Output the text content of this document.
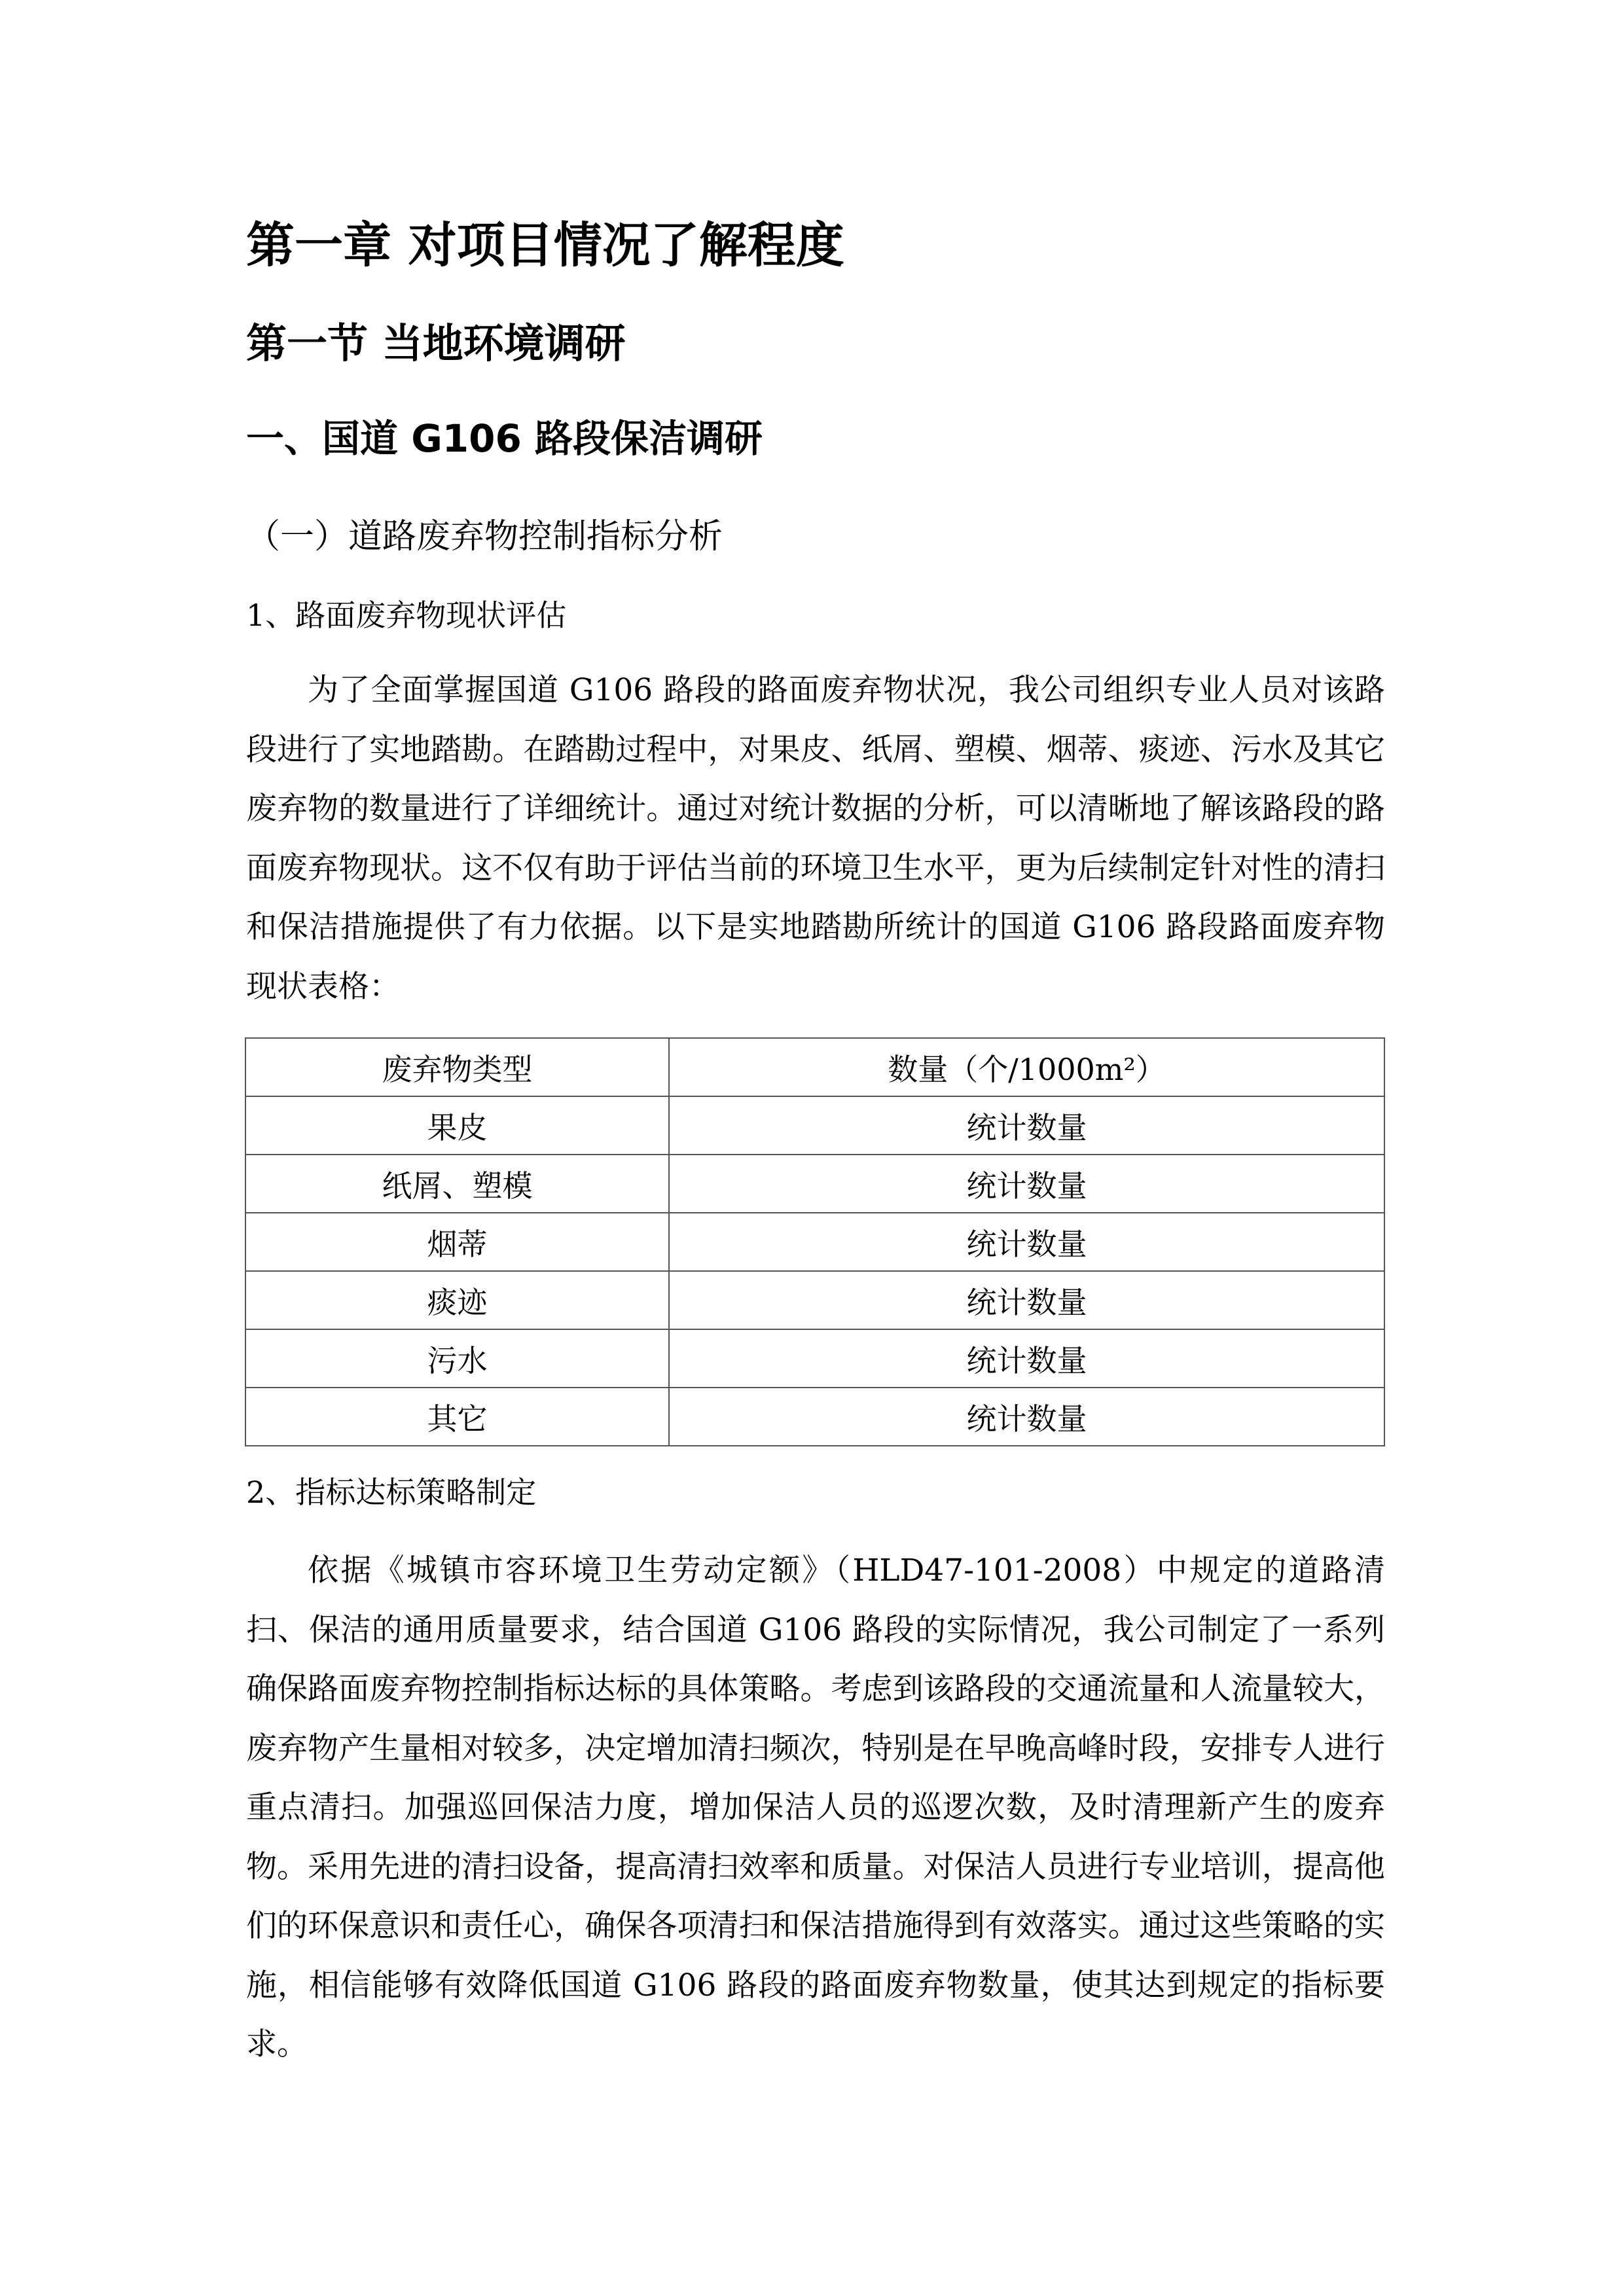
第一章 对项目情况了解程度
第一节 当地环境调研
一、国道 G106 路段保洁调研
（一）道路废弃物控制指标分析
1、路面废弃物现状评估

为了全面掌握国道 G106 路段的路面废弃物状况，我公司组织专业人员对该路段进行了实地踏勘。在踏勘过程中，对果皮、纸屑、塑模、烟蒂、痰迹、污水及其它废弃物的数量进行了详细统计。通过对统计数据的分析，可以清晰地了解该路段的路面废弃物现状。这不仅有助于评估当前的环境卫生水平，更为后续制定针对性的清扫和保洁措施提供了有力依据。以下是实地踏勘所统计的国道 G106 路段路面废弃物现状表格：

废弃物类型	数量（个/1000m²）
果皮	统计数量
纸屑、塑模	统计数量
烟蒂	统计数量
痰迹	统计数量
污水	统计数量
其它	统计数量
2、指标达标策略制定

依据《城镇市容环境卫生劳动定额》（HLD47-101-2008）中规定的道路清扫、保洁的通用质量要求，结合国道 G106 路段的实际情况，我公司制定了一系列确保路面废弃物控制指标达标的具体策略。考虑到该路段的交通流量和人流量较大，废弃物产生量相对较多，决定增加清扫频次，特别是在早晚高峰时段，安排专人进行重点清扫。加强巡回保洁力度，增加保洁人员的巡逻次数，及时清理新产生的废弃物。采用先进的清扫设备，提高清扫效率和质量。对保洁人员进行专业培训，提高他们的环保意识和责任心，确保各项清扫和保洁措施得到有效落实。通过这些策略的实施，相信能够有效降低国道 G106 路段的路面废弃物数量，使其达到规定的指标要求。
